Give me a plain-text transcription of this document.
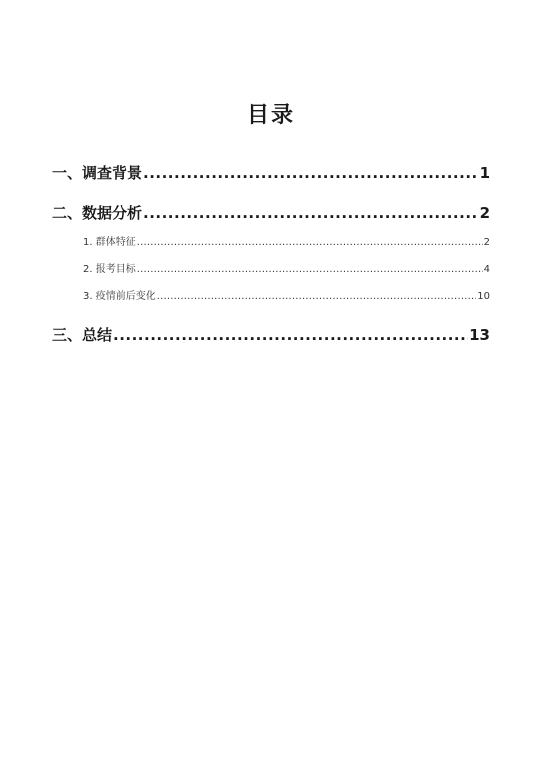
目录
一、调查背景 .....	1
二、数据分析 .....	2
1. 群体特征 .....	2
2. 报考目标 .....	4
3. 疫情前后变化 .....	10
三、总结 .....	13
